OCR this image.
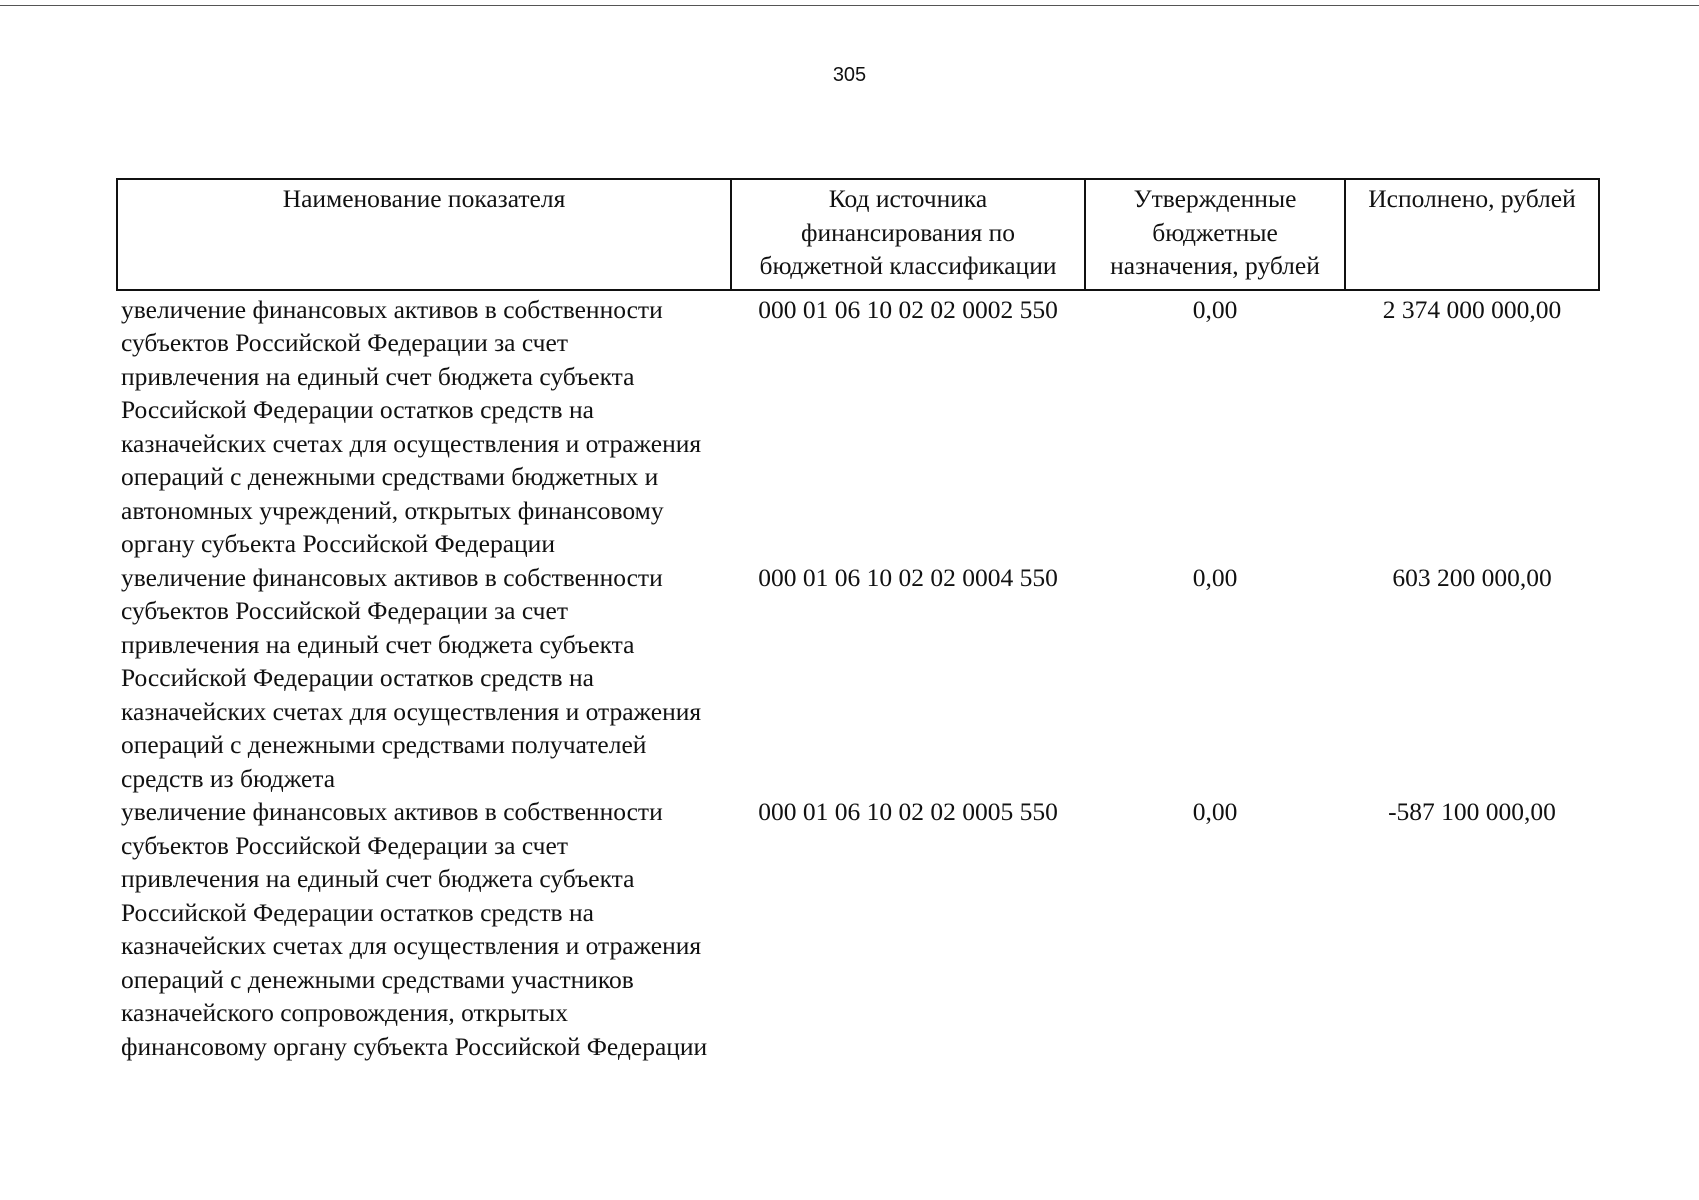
305
Наименование показателя	Код источника финансирования по бюджетной классификации	Утвержденные бюджетные назначения, рублей	Исполнено, рублей
увеличение финансовых активов в собственности субъектов Российской Федерации за счет привлечения на единый счет бюджета субъекта Российской Федерации остатков средств на казначейских счетах для осуществления и отражения операций с денежными средствами бюджетных и автономных учреждений, открытых финансовому органу субъекта Российской Федерации	000 01 06 10 02 02 0002 550	0,00	2 374 000 000,00
увеличение финансовых активов в собственности субъектов Российской Федерации за счет привлечения на единый счет бюджета субъекта Российской Федерации остатков средств на казначейских счетах для осуществления и отражения операций с денежными средствами получателей средств из бюджета	000 01 06 10 02 02 0004 550	0,00	603 200 000,00
увеличение финансовых активов в собственности субъектов Российской Федерации за счет привлечения на единый счет бюджета субъекта Российской Федерации остатков средств на казначейских счетах для осуществления и отражения операций с денежными средствами участников казначейского сопровождения, открытых финансовому органу субъекта Российской Федерации	000 01 06 10 02 02 0005 550	0,00	-587 100 000,00
